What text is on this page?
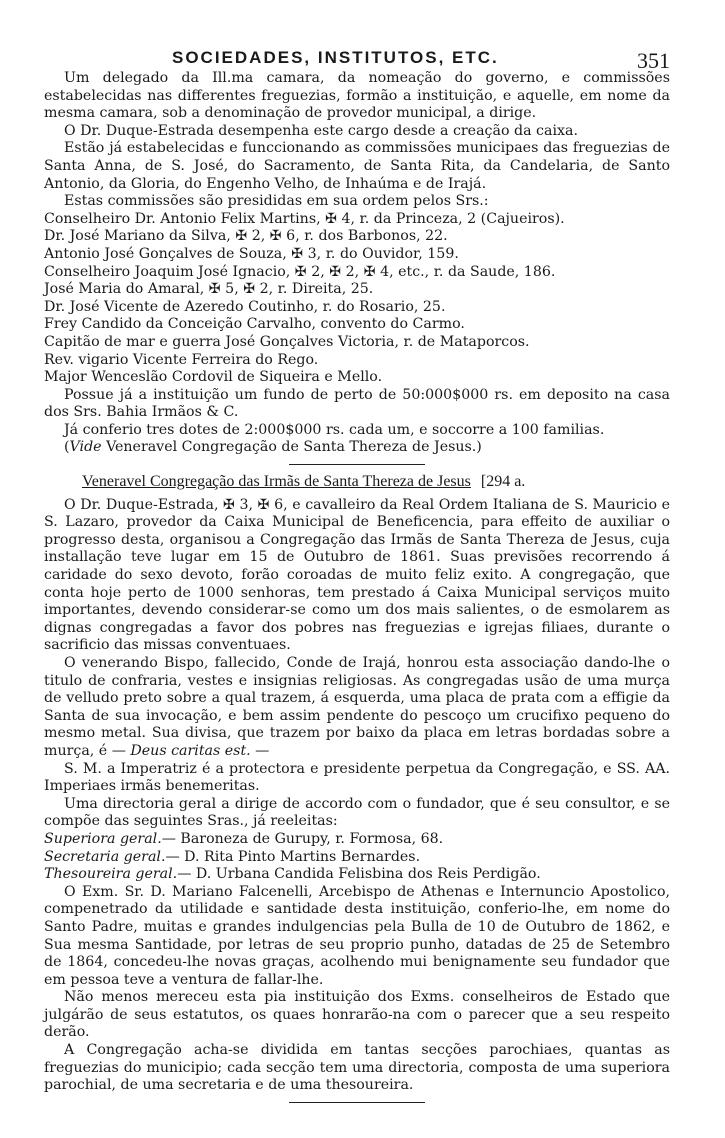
SOCIEDADES, INSTITUTOS, ETC.	351

Um delegado da Ill.ma camara, da nomeação do governo, e commissões estabelecidas nas differentes freguezias, formão a instituição, e aquelle, em nome da mesma camara, sob a denominação de provedor municipal, a dirige.

O Dr. Duque-Estrada desempenha este cargo desde a creação da caixa.

Estão já estabelecidas e funccionando as commissões municipaes das freguezias de Santa Anna, de S. José, do Sacramento, de Santa Rita, da Candelaria, de Santo Antonio, da Gloria, do Engenho Velho, de Inhaúma e de Irajá.

Estas commissões são presididas em sua ordem pelos Srs.:

Conselheiro Dr. Antonio Felix Martins, ✠ 4, r. da Princeza, 2 (Cajueiros).
Dr. José Mariano da Silva, ✠ 2, ✠ 6, r. dos Barbonos, 22.
Antonio José Gonçalves de Souza, ✠ 3, r. do Ouvidor, 159.
Conselheiro Joaquim José Ignacio, ✠ 2, ✠ 2, ✠ 4, etc., r. da Saude, 186.
José Maria do Amaral, ✠ 5, ✠ 2, r. Direita, 25.
Dr. José Vicente de Azeredo Coutinho, r. do Rosario, 25.
Frey Candido da Conceição Carvalho, convento do Carmo.
Capitão de mar e guerra José Gonçalves Victoria, r. de Mataporcos.
Rev. vigario Vicente Ferreira do Rego.
Major Wenceslão Cordovil de Siqueira e Mello.

Possue já a instituição um fundo de perto de 50:000$000 rs. em deposito na casa dos Srs. Bahia Irmãos & C.

Já conferio tres dotes de 2:000$000 rs. cada um, e soccorre a 100 familias.

(Vide Veneravel Congregação de Santa Thereza de Jesus.)

Veneravel Congregação das Irmãs de Santa Thereza de Jesus [294 a.

O Dr. Duque-Estrada, ✠ 3, ✠ 6, e cavalleiro da Real Ordem Italiana de S. Mauricio e S. Lazaro, provedor da Caixa Municipal de Beneficencia, para effeito de auxiliar o progresso desta, organisou a Congregação das Irmãs de Santa Thereza de Jesus, cuja installação teve lugar em 15 de Outubro de 1861. Suas previsões recorrendo á caridade do sexo devoto, forão coroadas de muito feliz exito. A congregação, que conta hoje perto de 1000 senhoras, tem prestado á Caixa Municipal serviços muito importantes, devendo considerar-se como um dos mais salientes, o de esmolarem as dignas congregadas a favor dos pobres nas freguezias e igrejas filiaes, durante o sacrificio das missas conventuaes.

O venerando Bispo, fallecido, Conde de Irajá, honrou esta associação dando-lhe o titulo de confraria, vestes e insignias religiosas. As congregadas usão de uma murça de velludo preto sobre a qual trazem, á esquerda, uma placa de prata com a effigie da Santa de sua invocação, e bem assim pendente do pescoço um crucifixo pequeno do mesmo metal. Sua divisa, que trazem por baixo da placa em letras bordadas sobre a murça, é — Deus caritas est. —

S. M. a Imperatriz é a protectora e presidente perpetua da Congregação, e SS. AA. Imperiaes irmãs benemeritas.

Uma directoria geral a dirige de accordo com o fundador, que é seu consultor, e se compõe das seguintes Sras., já reeleitas:

Superiora geral.— Baroneza de Gurupy, r. Formosa, 68.
Secretaria geral.— D. Rita Pinto Martins Bernardes.
Thesoureira geral.— D. Urbana Candida Felisbina dos Reis Perdigão.

O Exm. Sr. D. Mariano Falcenelli, Arcebispo de Athenas e Internuncio Apostolico, compenetrado da utilidade e santidade desta instituição, conferio-lhe, em nome do Santo Padre, muitas e grandes indulgencias pela Bulla de 10 de Outubro de 1862, e Sua mesma Santidade, por letras de seu proprio punho, datadas de 25 de Setembro de 1864, concedeu-lhe novas graças, acolhendo mui benignamente seu fundador que em pessoa teve a ventura de fallar-lhe.

Não menos mereceu esta pia instituição dos Exms. conselheiros de Estado que julgárão de seus estatutos, os quaes honrarão-na com o parecer que a seu respeito derão.

A Congregação acha-se dividida em tantas secções parochiaes, quantas as freguezias do municipio; cada secção tem uma directoria, composta de uma superiora parochial, de uma secretaria e de uma thesoureira.
